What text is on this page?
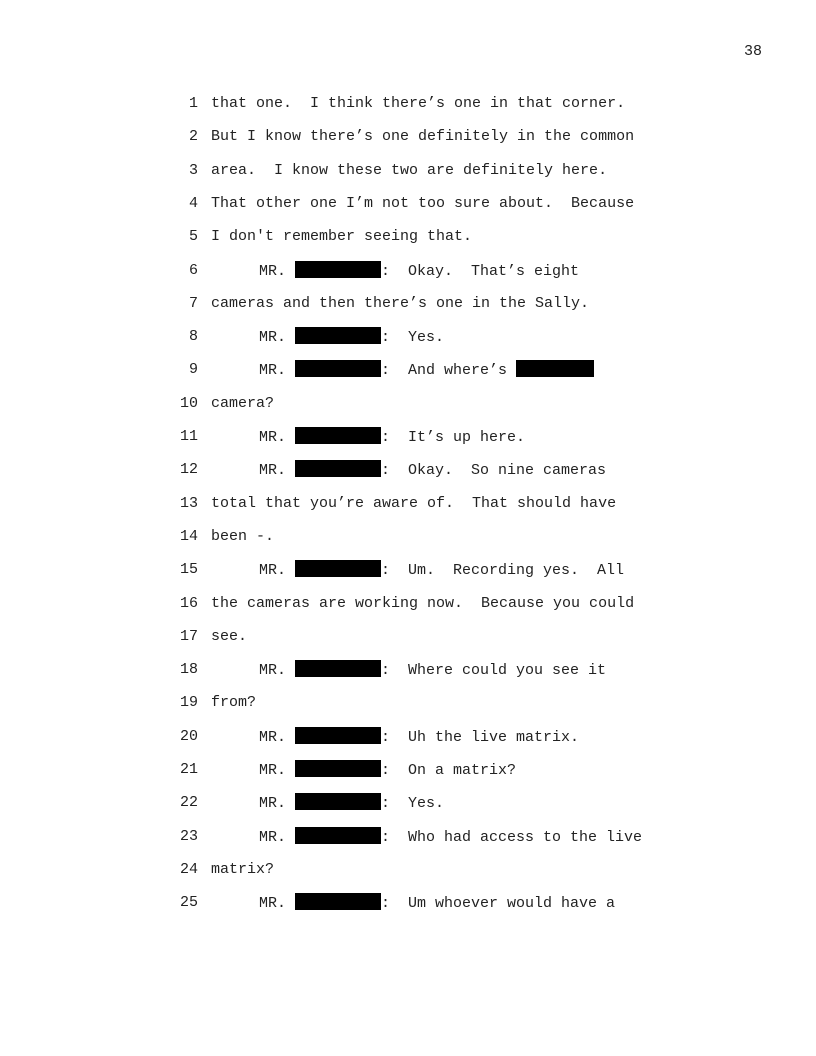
38
1 that one.  I think there’s one in that corner.
2 But I know there’s one definitely in the common
3 area.  I know these two are definitely here.
4 That other one I’m not too sure about.  Because
5 I don't remember seeing that.
6	MR.	:  Okay.  That’s eight
7 cameras and then there’s one in the Sally.
8	MR.	:  Yes.
9	MR.	:  And where’s
10 camera?
11	MR.	:  It’s up here.
12	MR.	:  Okay.  So nine cameras
13 total that you’re aware of.  That should have
14 been -.
15	MR.	:  Um.  Recording yes.  All
16 the cameras are working now.  Because you could
17 see.
18	MR.	:  Where could you see it
19 from?
20	MR.	:  Uh the live matrix.
21	MR.	:  On a matrix?
22	MR.	:  Yes.
23	MR.	:  Who had access to the live
24 matrix?
25	MR.	:  Um whoever would have a
